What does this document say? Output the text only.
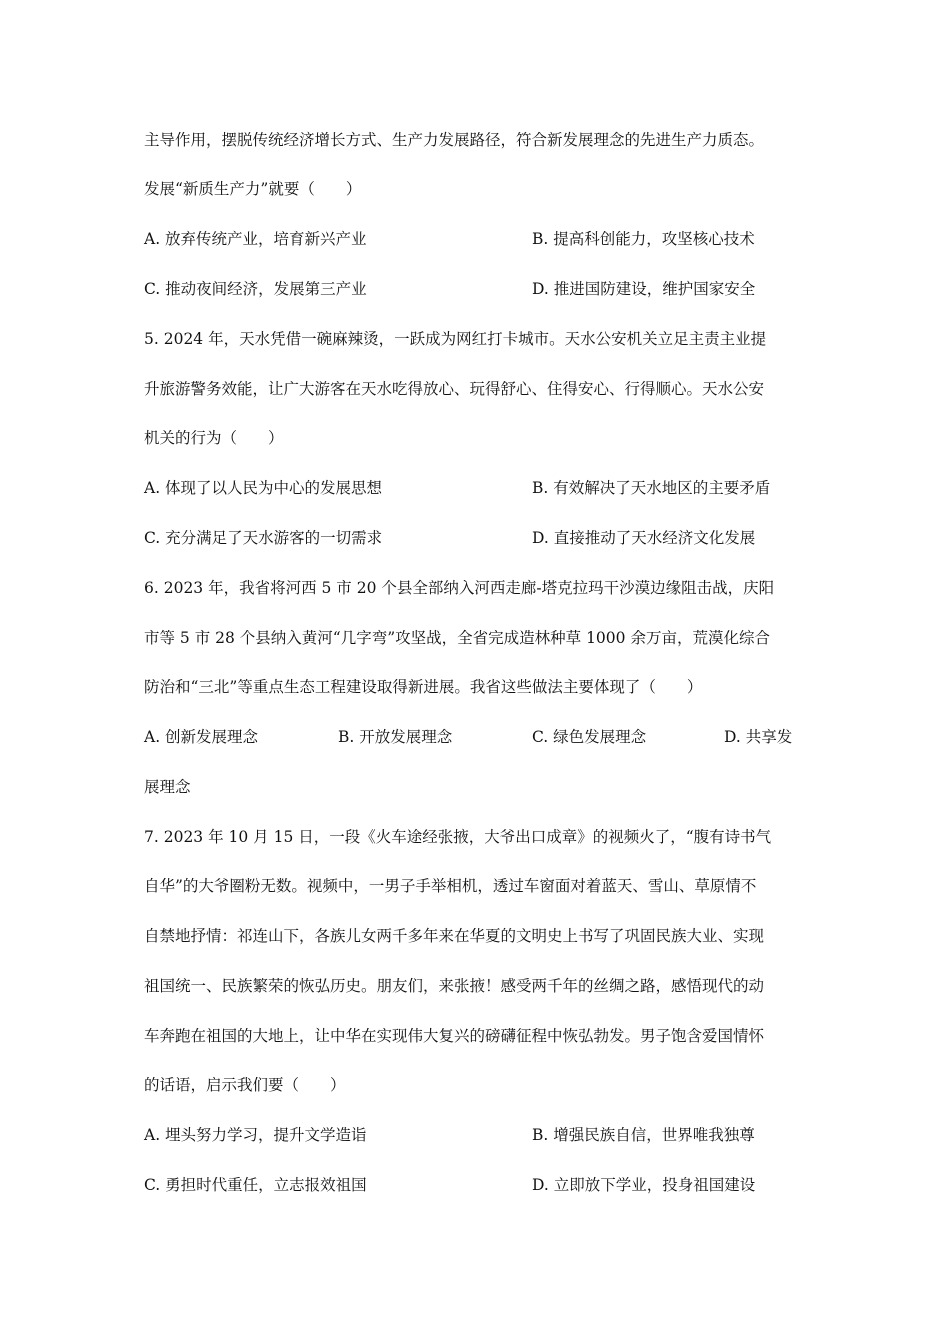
主导作用，摆脱传统经济增长方式、生产力发展路径，符合新发展理念的先进生产力质态。
发展“新质生产力”就要（　　）
A. 放弃传统产业，培育新兴产业	B. 提高科创能力，攻坚核心技术
C. 推动夜间经济，发展第三产业	D. 推进国防建设，维护国家安全
5. 2024 年，天水凭借一碗麻辣烫，一跃成为网红打卡城市。天水公安机关立足主责主业提
升旅游警务效能，让广大游客在天水吃得放心、玩得舒心、住得安心、行得顺心。天水公安
机关的行为（　　）
A. 体现了以人民为中心的发展思想	B. 有效解决了天水地区的主要矛盾
C. 充分满足了天水游客的一切需求	D. 直接推动了天水经济文化发展
6. 2023 年，我省将河西 5 市 20 个县全部纳入河西走廊-塔克拉玛干沙漠边缘阻击战，庆阳
市等 5 市 28 个县纳入黄河“几字弯”攻坚战，全省完成造林种草 1000 余万亩，荒漠化综合
防治和“三北”等重点生态工程建设取得新进展。我省这些做法主要体现了（　　）
A. 创新发展理念	B. 开放发展理念	C. 绿色发展理念	D. 共享发
展理念
7. 2023 年 10 月 15 日，一段《火车途经张掖，大爷出口成章》的视频火了，“腹有诗书气
自华”的大爷圈粉无数。视频中，一男子手举相机，透过车窗面对着蓝天、雪山、草原情不
自禁地抒情：祁连山下，各族儿女两千多年来在华夏的文明史上书写了巩固民族大业、实现
祖国统一、民族繁荣的恢弘历史。朋友们，来张掖！感受两千年的丝绸之路，感悟现代的动
车奔跑在祖国的大地上，让中华在实现伟大复兴的磅礴征程中恢弘勃发。男子饱含爱国情怀
的话语，启示我们要（　　）
A. 埋头努力学习，提升文学造诣	B. 增强民族自信，世界唯我独尊
C. 勇担时代重任，立志报效祖国	D. 立即放下学业，投身祖国建设
